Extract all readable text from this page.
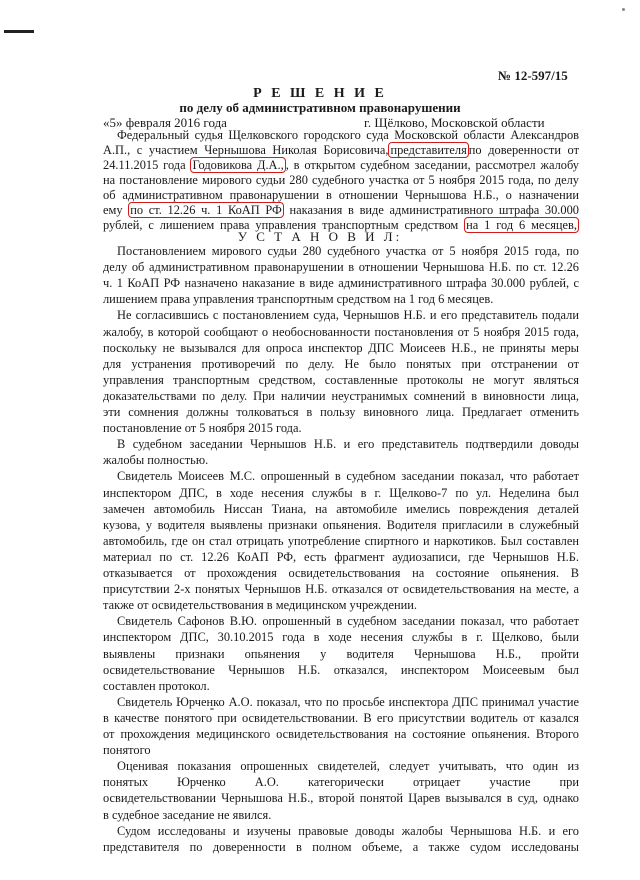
№ 12-597/15
Р Е Ш Е Н И Е
по делу об административном правонарушении
«5» февраля 2016 года	г. Щёлково, Московской области
Федеральный судья Щелковского городского суда Московской области Александров
А.П., с участием Чернышова Николая Борисовича, представителя по доверенности от
24.11.2015 года Годовикова Д.А., , в открытом судебном заседании, рассмотрел жалобу
на постановление мирового судьи 280 судебного участка от 5 ноября 2015 года, по делу
об административном правонарушении в отношении Чернышова Н.Б., о назначении
ему по ст. 12.26 ч. 1 КоАП РФ наказания в виде административного штрафа 30.000
рублей, с лишением права управления транспортным средством на 1 год 6 месяцев,
У С Т А Н О В И Л:
Постановлением мирового судьи 280 судебного участка от 5 ноября 2015 года, по
делу об административном правонарушении в отношении Чернышова Н.Б. по ст. 12.26
ч. 1 КоАП РФ назначено наказание в виде административного штрафа 30.000 рублей, с
лишением права управления транспортным средством на 1 год 6 месяцев.
Не согласившись с постановлением суда, Чернышов Н.Б. и его представитель подали
жалобу, в которой сообщают о необоснованности постановления от 5 ноября 2015 года,
поскольку не вызывался для опроса инспектор ДПС Моисеев Н.Б., не приняты меры
для устранения противоречий по делу. Не было понятых при отстранении от
управления транспортным средством, составленные протоколы не могут являться
доказательствами по делу. При наличии неустранимых сомнений в виновности лица,
эти сомнения должны толковаться в пользу виновного лица. Предлагает отменить
постановление от 5 ноября 2015 года.
В судебном заседании Чернышов Н.Б. и его представитель подтвердили доводы
жалобы полностью.
Свидетель Моисеев М.С. опрошенный в судебном заседании показал, что работает
инспектором ДПС, в ходе несения службы в г. Щелково-7 по ул. Неделина был
замечен автомобиль Ниссан Тиана, на автомобиле имелись повреждения деталей
кузова, у водителя выявлены признаки опьянения. Водителя пригласили в служебный
автомобиль, где он стал отрицать употребление спиртного и наркотиков. Был составлен
материал по ст. 12.26 КоАП РФ, есть фрагмент аудиозаписи, где Чернышов Н.Б.
отказывается от прохождения освидетельствования на состояние опьянения. В
присутствии 2-х понятых Чернышов Н.Б. отказался от освидетельствования на месте, а
также от освидетельствования в медицинском учреждении.
Свидетель Сафонов В.Ю. опрошенный в судебном заседании показал, что работает
инспектором ДПС, 30.10.2015 года в ходе несения службы в г. Щелково, были
выявлены признаки опьянения у водителя Чернышова Н.Б., пройти
освидетельствование Чернышов Н.Б. отказался, инспектором Моисеевым был
составлен протокол.
Свидетель Юрченко А.О. показал, что по просьбе инспектора ДПС принимал участие
в качестве понятого при освидетельствовании. В его присутствии водитель от казался
от прохождения медицинского освидетельствования на состояние опьянения. Второго
понятого
Оценивая показания опрошенных свидетелей, следует учитывать, что один из
понятых Юрченко А.О. категорически отрицает участие при
освидетельствовании Чернышова Н.Б., второй понятой Царев вызывался в суд, однако
в судебное заседание не явился.
Судом исследованы и изучены правовые доводы жалобы Чернышова Н.Б. и его
представителя по доверенности в полном объеме, а также судом исследованы
